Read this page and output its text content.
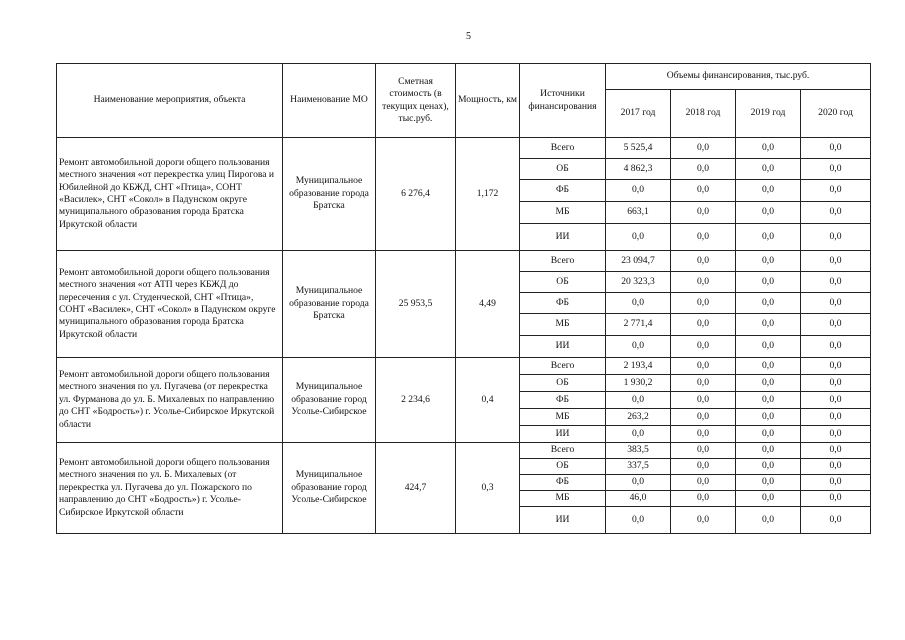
5
Наименование мероприятия, объекта	Наименование МО	Сметная стоимость (в текущих ценах), тыс.руб.	Мощность, км	Источники финансирования	Объемы финансирования, тыс.руб.			
					2017 год	2018 год	2019 год	2020 год
Ремонт автомобильной дороги общего пользования местного значения «от перекрестка улиц Пирогова и Юбилейной до КБЖД, СНТ «Птица», СОНТ «Василек», СНТ «Сокол» в Падунском округе муниципального образования города Братска Иркутской области	Муниципальное образование города Братска	6 276,4	1,172	Всего	5 525,4	0,0	0,0	0,0
				ОБ	4 862,3	0,0	0,0	0,0
				ФБ	0,0	0,0	0,0	0,0
				МБ	663,1	0,0	0,0	0,0
				ИИ	0,0	0,0	0,0	0,0
Ремонт автомобильной дороги общего пользования местного значения «от АТП через КБЖД до пересечения с ул. Студенческой, СНТ «Птица», СОНТ «Василек», СНТ «Сокол» в Падунском округе муниципального образования города Братска Иркутской области	Муниципальное образование города Братска	25 953,5	4,49	Всего	23 094,7	0,0	0,0	0,0
				ОБ	20 323,3	0,0	0,0	0,0
				ФБ	0,0	0,0	0,0	0,0
				МБ	2 771,4	0,0	0,0	0,0
				ИИ	0,0	0,0	0,0	0,0
Ремонт автомобильной дороги общего пользования местного значения по ул. Пугачева (от перекрестка ул. Фурманова до ул. Б. Михалевых по направлению до СНТ «Бодрость») г. Усолье-Сибирское Иркутской области	Муниципальное образование город Усолье-Сибирское	2 234,6	0,4	Всего	2 193,4	0,0	0,0	0,0
				ОБ	1 930,2	0,0	0,0	0,0
				ФБ	0,0	0,0	0,0	0,0
				МБ	263,2	0,0	0,0	0,0
				ИИ	0,0	0,0	0,0	0,0
Ремонт автомобильной дороги общего пользования местного значения по ул. Б. Михалевых (от перекрестка ул. Пугачева до ул. Пожарского по направлению до СНТ «Бодрость») г. Усолье-Сибирское Иркутской области	Муниципальное образование город Усолье-Сибирское	424,7	0,3	Всего	383,5	0,0	0,0	0,0
				ОБ	337,5	0,0	0,0	0,0
				ФБ	0,0	0,0	0,0	0,0
				МБ	46,0	0,0	0,0	0,0
				ИИ	0,0	0,0	0,0	0,0
